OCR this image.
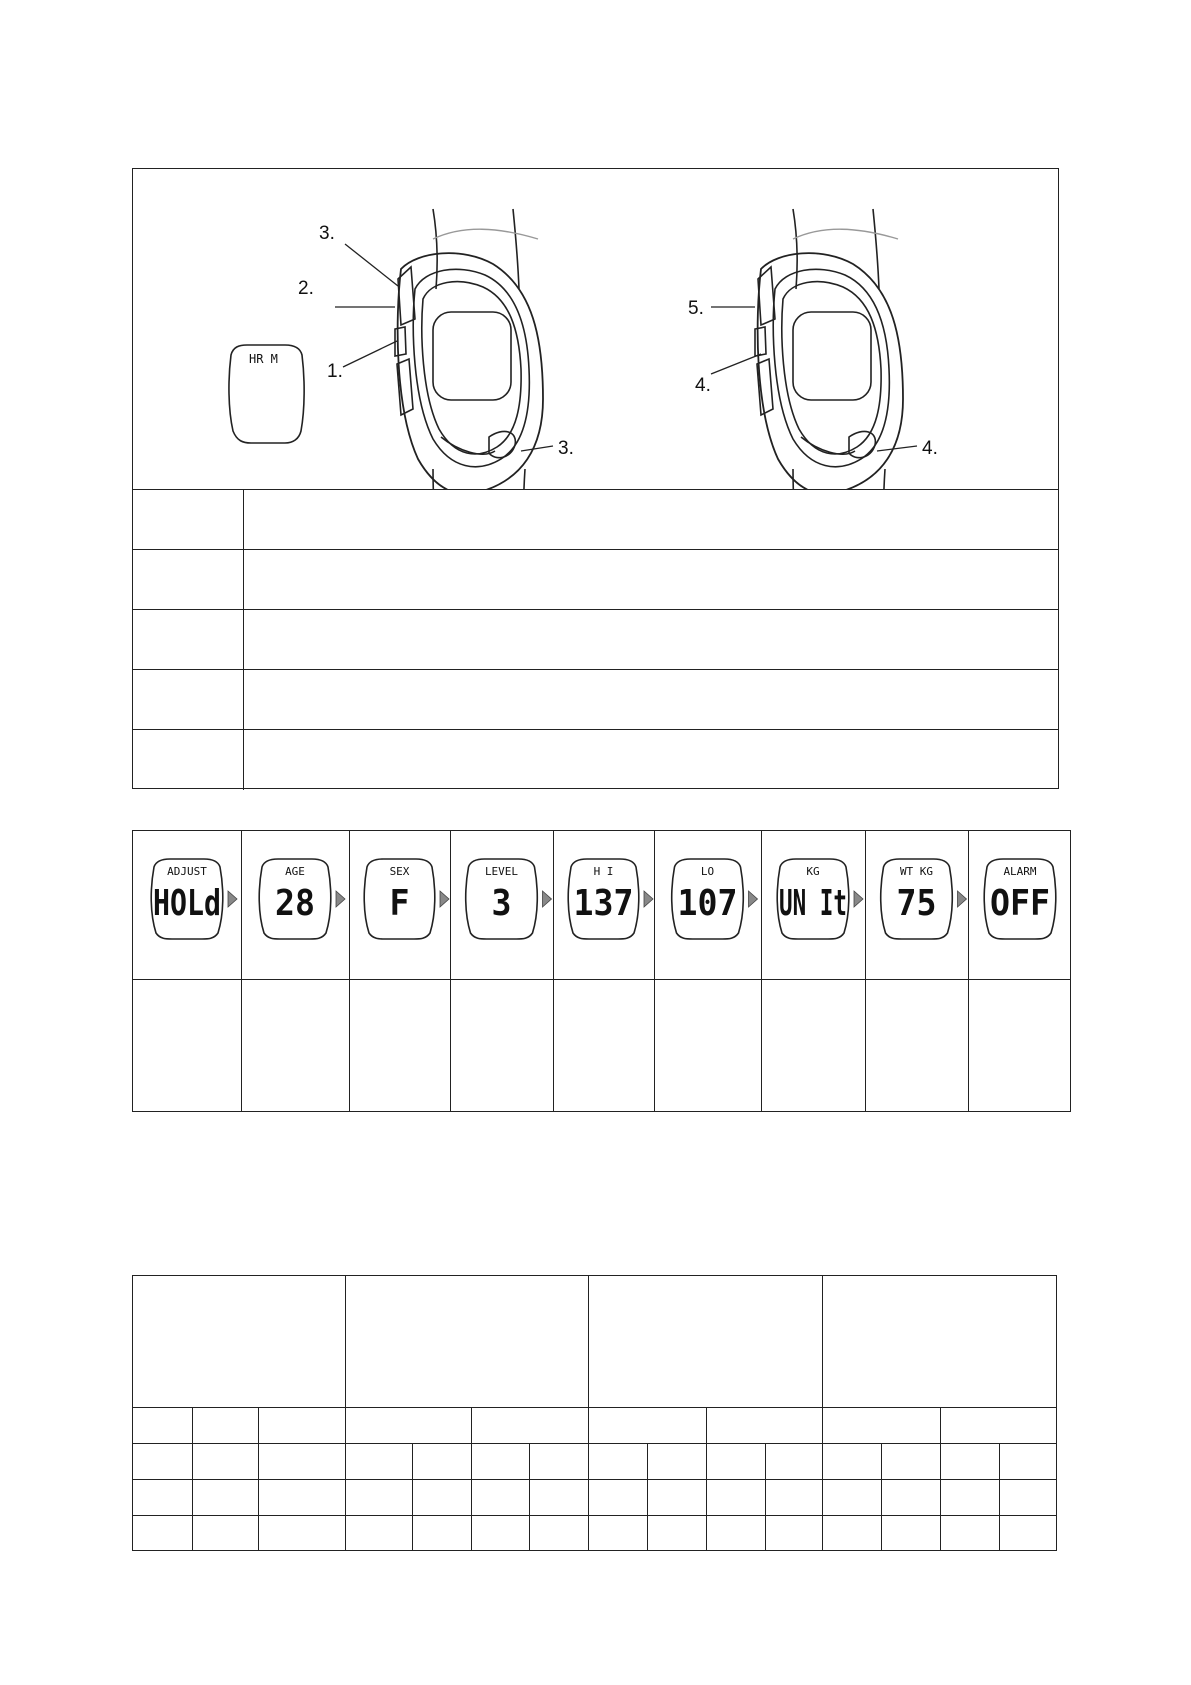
3.
2.
1.
3.
HR M
5.
4.
4.
ADJUST
HOLd
AGE
28
SEX
F
LEVEL
3
H I
137
LO
107
KG
UN It
WT KG
75
ALARM
OFF
